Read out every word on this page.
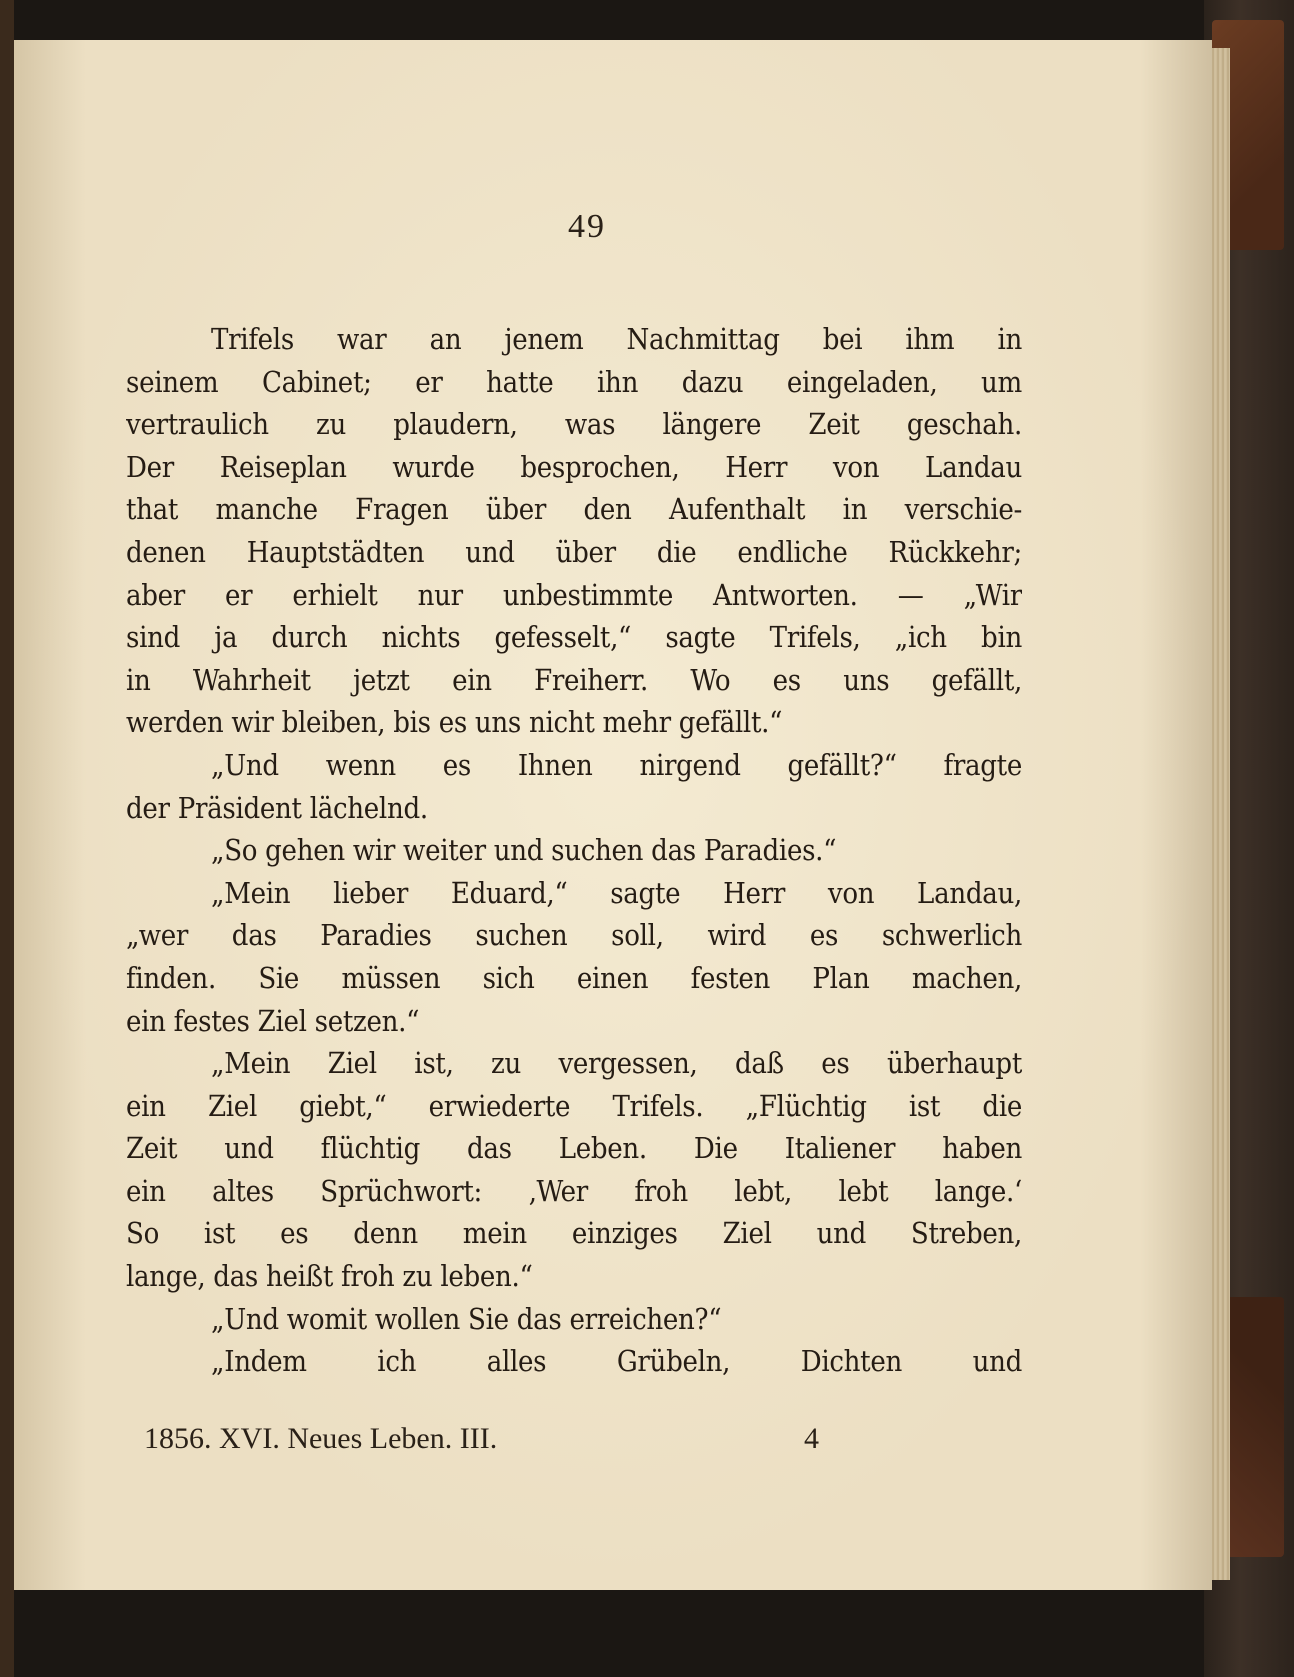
49
Trifels war an jenem Nachmittag bei ihm in
seinem Cabinet; er hatte ihn dazu eingeladen, um
vertraulich zu plaudern, was längere Zeit geschah.
Der Reiseplan wurde besprochen, Herr von Landau
that manche Fragen über den Aufenthalt in verschie-
denen Hauptstädten und über die endliche Rückkehr;
aber er erhielt nur unbestimmte Antworten. — „Wir
sind ja durch nichts gefesselt,“ sagte Trifels, „ich bin
in Wahrheit jetzt ein Freiherr. Wo es uns gefällt,
werden wir bleiben, bis es uns nicht mehr gefällt.“
„Und wenn es Ihnen nirgend gefällt?“ fragte
der Präsident lächelnd.
„So gehen wir weiter und suchen das Paradies.“
„Mein lieber Eduard,“ sagte Herr von Landau,
„wer das Paradies suchen soll, wird es schwerlich
finden. Sie müssen sich einen festen Plan machen,
ein festes Ziel setzen.“
„Mein Ziel ist, zu vergessen, daß es überhaupt
ein Ziel giebt,“ erwiederte Trifels. „Flüchtig ist die
Zeit und flüchtig das Leben. Die Italiener haben
ein altes Sprüchwort: ‚Wer froh lebt, lebt lange.‘
So ist es denn mein einziges Ziel und Streben,
lange, das heißt froh zu leben.“
„Und womit wollen Sie das erreichen?“
„Indem ich alles Grübeln, Dichten und
1856. XVI. Neues Leben. III.	4
